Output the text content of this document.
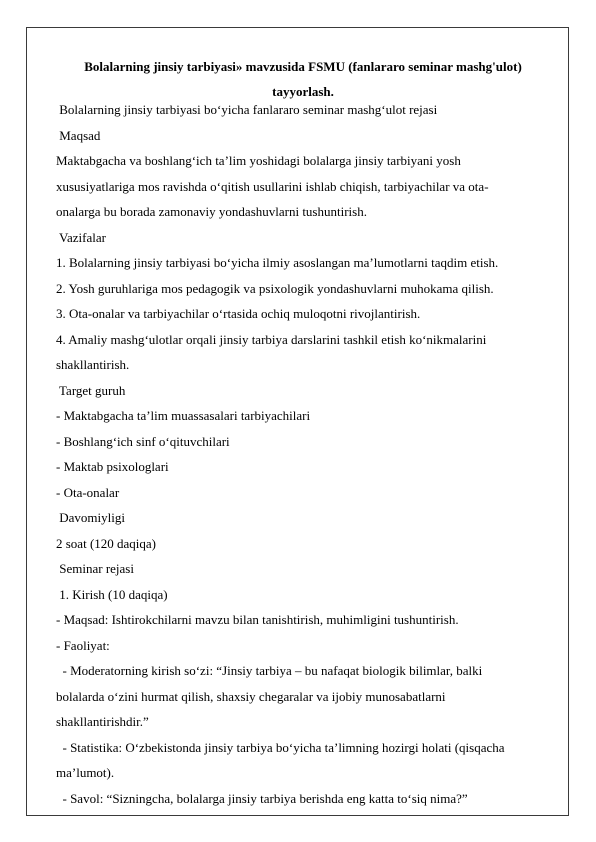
Bolalarning jinsiy tarbiyasi» mavzusida FSMU (fanlararo seminar mashg'ulot)
tayyorlash.
Bolalarning jinsiy tarbiyasi bo‘yicha fanlararo seminar mashg‘ulot rejasi
Maqsad
Maktabgacha va boshlang‘ich ta’lim yoshidagi bolalarga jinsiy tarbiyani yosh
xususiyatlariga mos ravishda o‘qitish usullarini ishlab chiqish, tarbiyachilar va ota-
onalarga bu borada zamonaviy yondashuvlarni tushuntirish.
Vazifalar
1. Bolalarning jinsiy tarbiyasi bo‘yicha ilmiy asoslangan ma’lumotlarni taqdim etish.
2. Yosh guruhlariga mos pedagogik va psixologik yondashuvlarni muhokama qilish.
3. Ota-onalar va tarbiyachilar o‘rtasida ochiq muloqotni rivojlantirish.
4. Amaliy mashg‘ulotlar orqali jinsiy tarbiya darslarini tashkil etish ko‘nikmalarini
shakllantirish.
Target guruh
- Maktabgacha ta’lim muassasalari tarbiyachilari
- Boshlang‘ich sinf o‘qituvchilari
- Maktab psixologlari
- Ota-onalar
Davomiyligi
2 soat (120 daqiqa)
Seminar rejasi
1. Kirish (10 daqiqa)
- Maqsad: Ishtirokchilarni mavzu bilan tanishtirish, muhimligini tushuntirish.
- Faoliyat:
- Moderatorning kirish so‘zi: “Jinsiy tarbiya – bu nafaqat biologik bilimlar, balki
bolalarda o‘zini hurmat qilish, shaxsiy chegaralar va ijobiy munosabatlarni
shakllantirishdir.”
- Statistika: O‘zbekistonda jinsiy tarbiya bo‘yicha ta’limning hozirgi holati (qisqacha
ma’lumot).
- Savol: “Sizningcha, bolalarga jinsiy tarbiya berishda eng katta to‘siq nima?”
